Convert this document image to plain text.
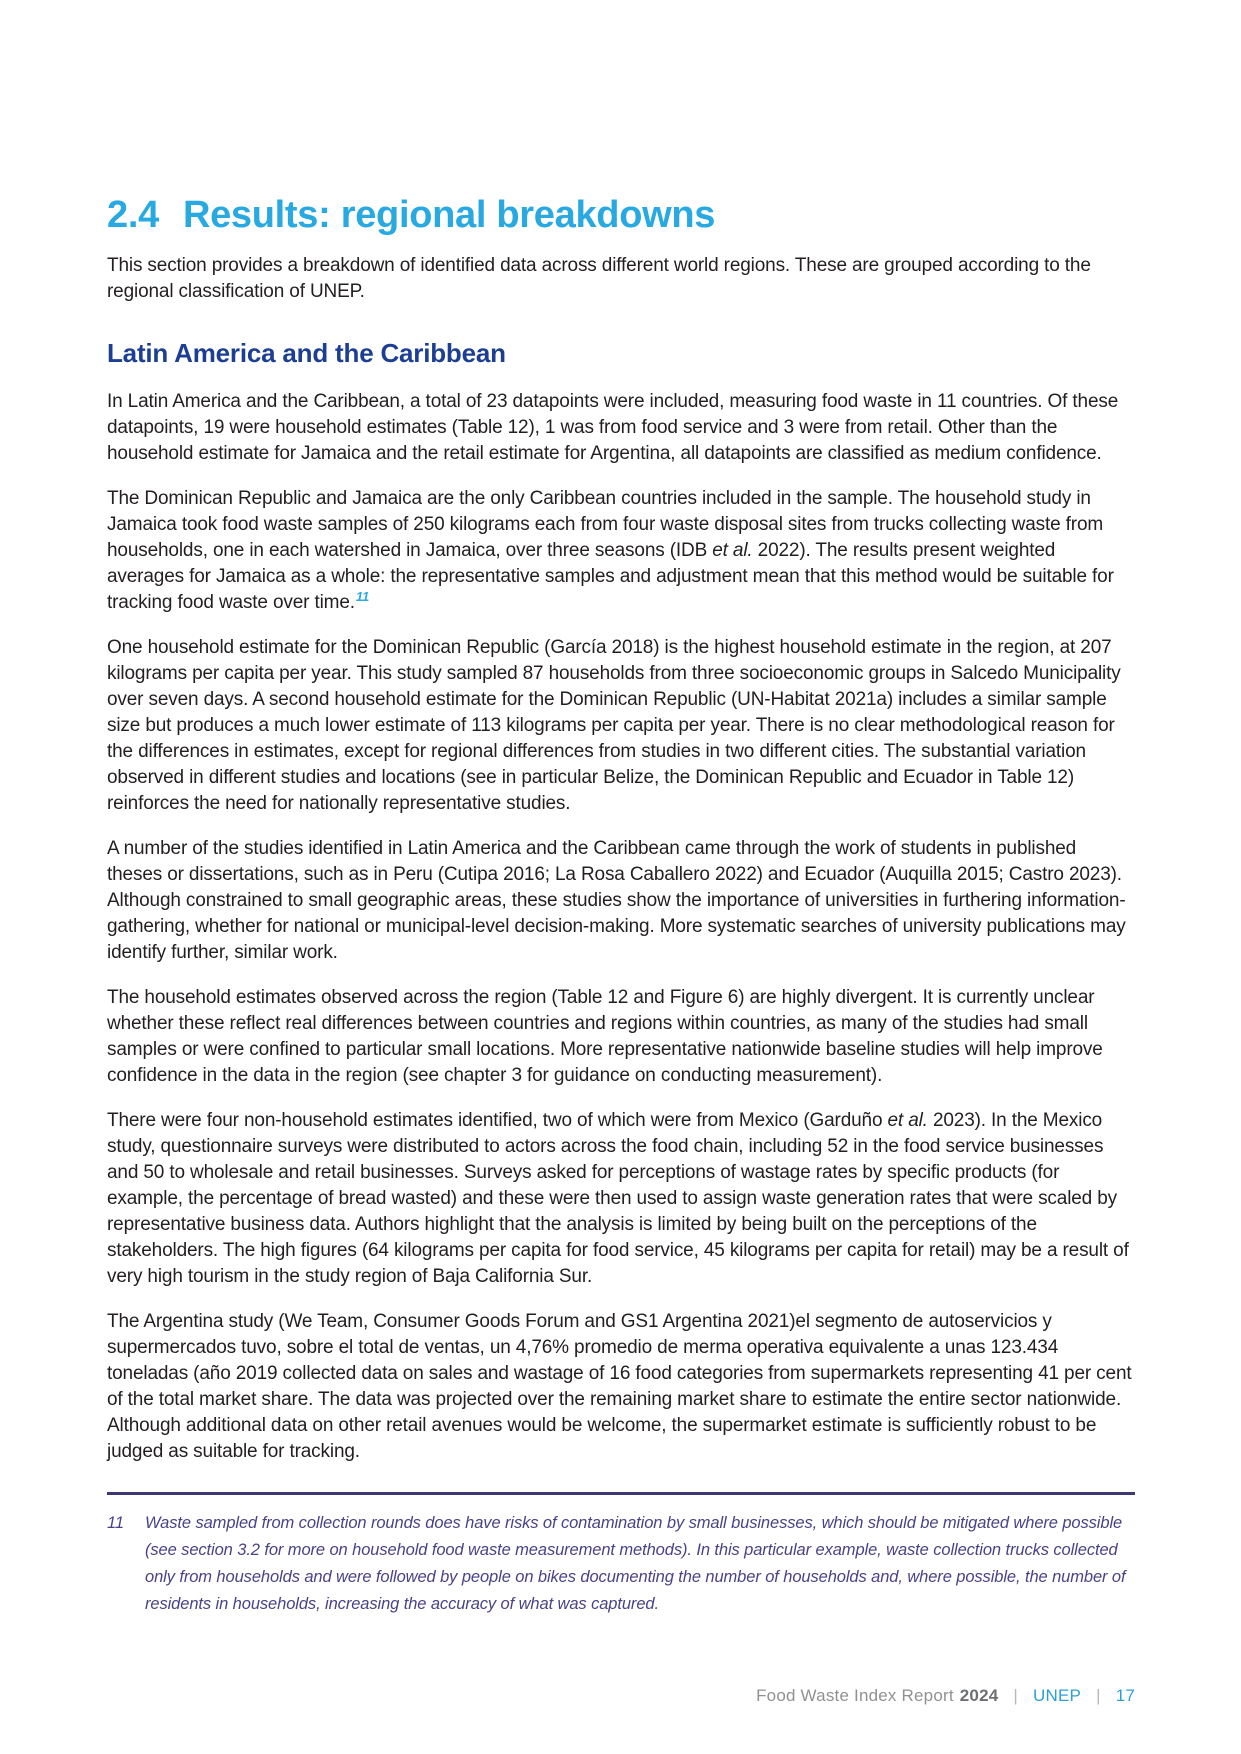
2.4 Results: regional breakdowns

This section provides a breakdown of identified data across different world regions. These are grouped according to the regional classification of UNEP.

Latin America and the Caribbean

In Latin America and the Caribbean, a total of 23 datapoints were included, measuring food waste in 11 countries. Of these datapoints, 19 were household estimates (Table 12), 1 was from food service and 3 were from retail. Other than the household estimate for Jamaica and the retail estimate for Argentina, all datapoints are classified as medium confidence.

The Dominican Republic and Jamaica are the only Caribbean countries included in the sample. The household study in Jamaica took food waste samples of 250 kilograms each from four waste disposal sites from trucks collecting waste from households, one in each watershed in Jamaica, over three seasons (IDB et al. 2022). The results present weighted averages for Jamaica as a whole: the representative samples and adjustment mean that this method would be suitable for tracking food waste over time.$^{11}$

One household estimate for the Dominican Republic (García 2018) is the highest household estimate in the region, at 207 kilograms per capita per year. This study sampled 87 households from three socioeconomic groups in Salcedo Municipality over seven days. A second household estimate for the Dominican Republic (UN-Habitat 2021a) includes a similar sample size but produces a much lower estimate of 113 kilograms per capita per year. There is no clear methodological reason for the differences in estimates, except for regional differences from studies in two different cities. The substantial variation observed in different studies and locations (see in particular Belize, the Dominican Republic and Ecuador in Table 12) reinforces the need for nationally representative studies.

A number of the studies identified in Latin America and the Caribbean came through the work of students in published theses or dissertations, such as in Peru (Cutipa 2016; La Rosa Caballero 2022) and Ecuador (Auquilla 2015; Castro 2023). Although constrained to small geographic areas, these studies show the importance of universities in furthering information-gathering, whether for national or municipal-level decision-making. More systematic searches of university publications may identify further, similar work.

The household estimates observed across the region (Table 12 and Figure 6) are highly divergent. It is currently unclear whether these reflect real differences between countries and regions within countries, as many of the studies had small samples or were confined to particular small locations. More representative nationwide baseline studies will help improve confidence in the data in the region (see chapter 3 for guidance on conducting measurement).

There were four non-household estimates identified, two of which were from Mexico (Garduño et al. 2023). In the Mexico study, questionnaire surveys were distributed to actors across the food chain, including 52 in the food service businesses and 50 to wholesale and retail businesses. Surveys asked for perceptions of wastage rates by specific products (for example, the percentage of bread wasted) and these were then used to assign waste generation rates that were scaled by representative business data. Authors highlight that the analysis is limited by being built on the perceptions of the stakeholders. The high figures (64 kilograms per capita for food service, 45 kilograms per capita for retail) may be a result of very high tourism in the study region of Baja California Sur.

The Argentina study (We Team, Consumer Goods Forum and GS1 Argentina 2021)el segmento de autoservicios y supermercados tuvo, sobre el total de ventas, un 4,76% promedio de merma operativa equivalente a unas 123.434 toneladas (año 2019 collected data on sales and wastage of 16 food categories from supermarkets representing 41 per cent of the total market share. The data was projected over the remaining market share to estimate the entire sector nationwide. Although additional data on other retail avenues would be welcome, the supermarket estimate is sufficiently robust to be judged as suitable for tracking.

11	Waste sampled from collection rounds does have risks of contamination by small businesses, which should be mitigated where possible (see section 3.2 for more on household food waste measurement methods). In this particular example, waste collection trucks collected only from households and were followed by people on bikes documenting the number of households and, where possible, the number of residents in households, increasing the accuracy of what was captured.
Food Waste Index Report 2024 | UNEP | 17
